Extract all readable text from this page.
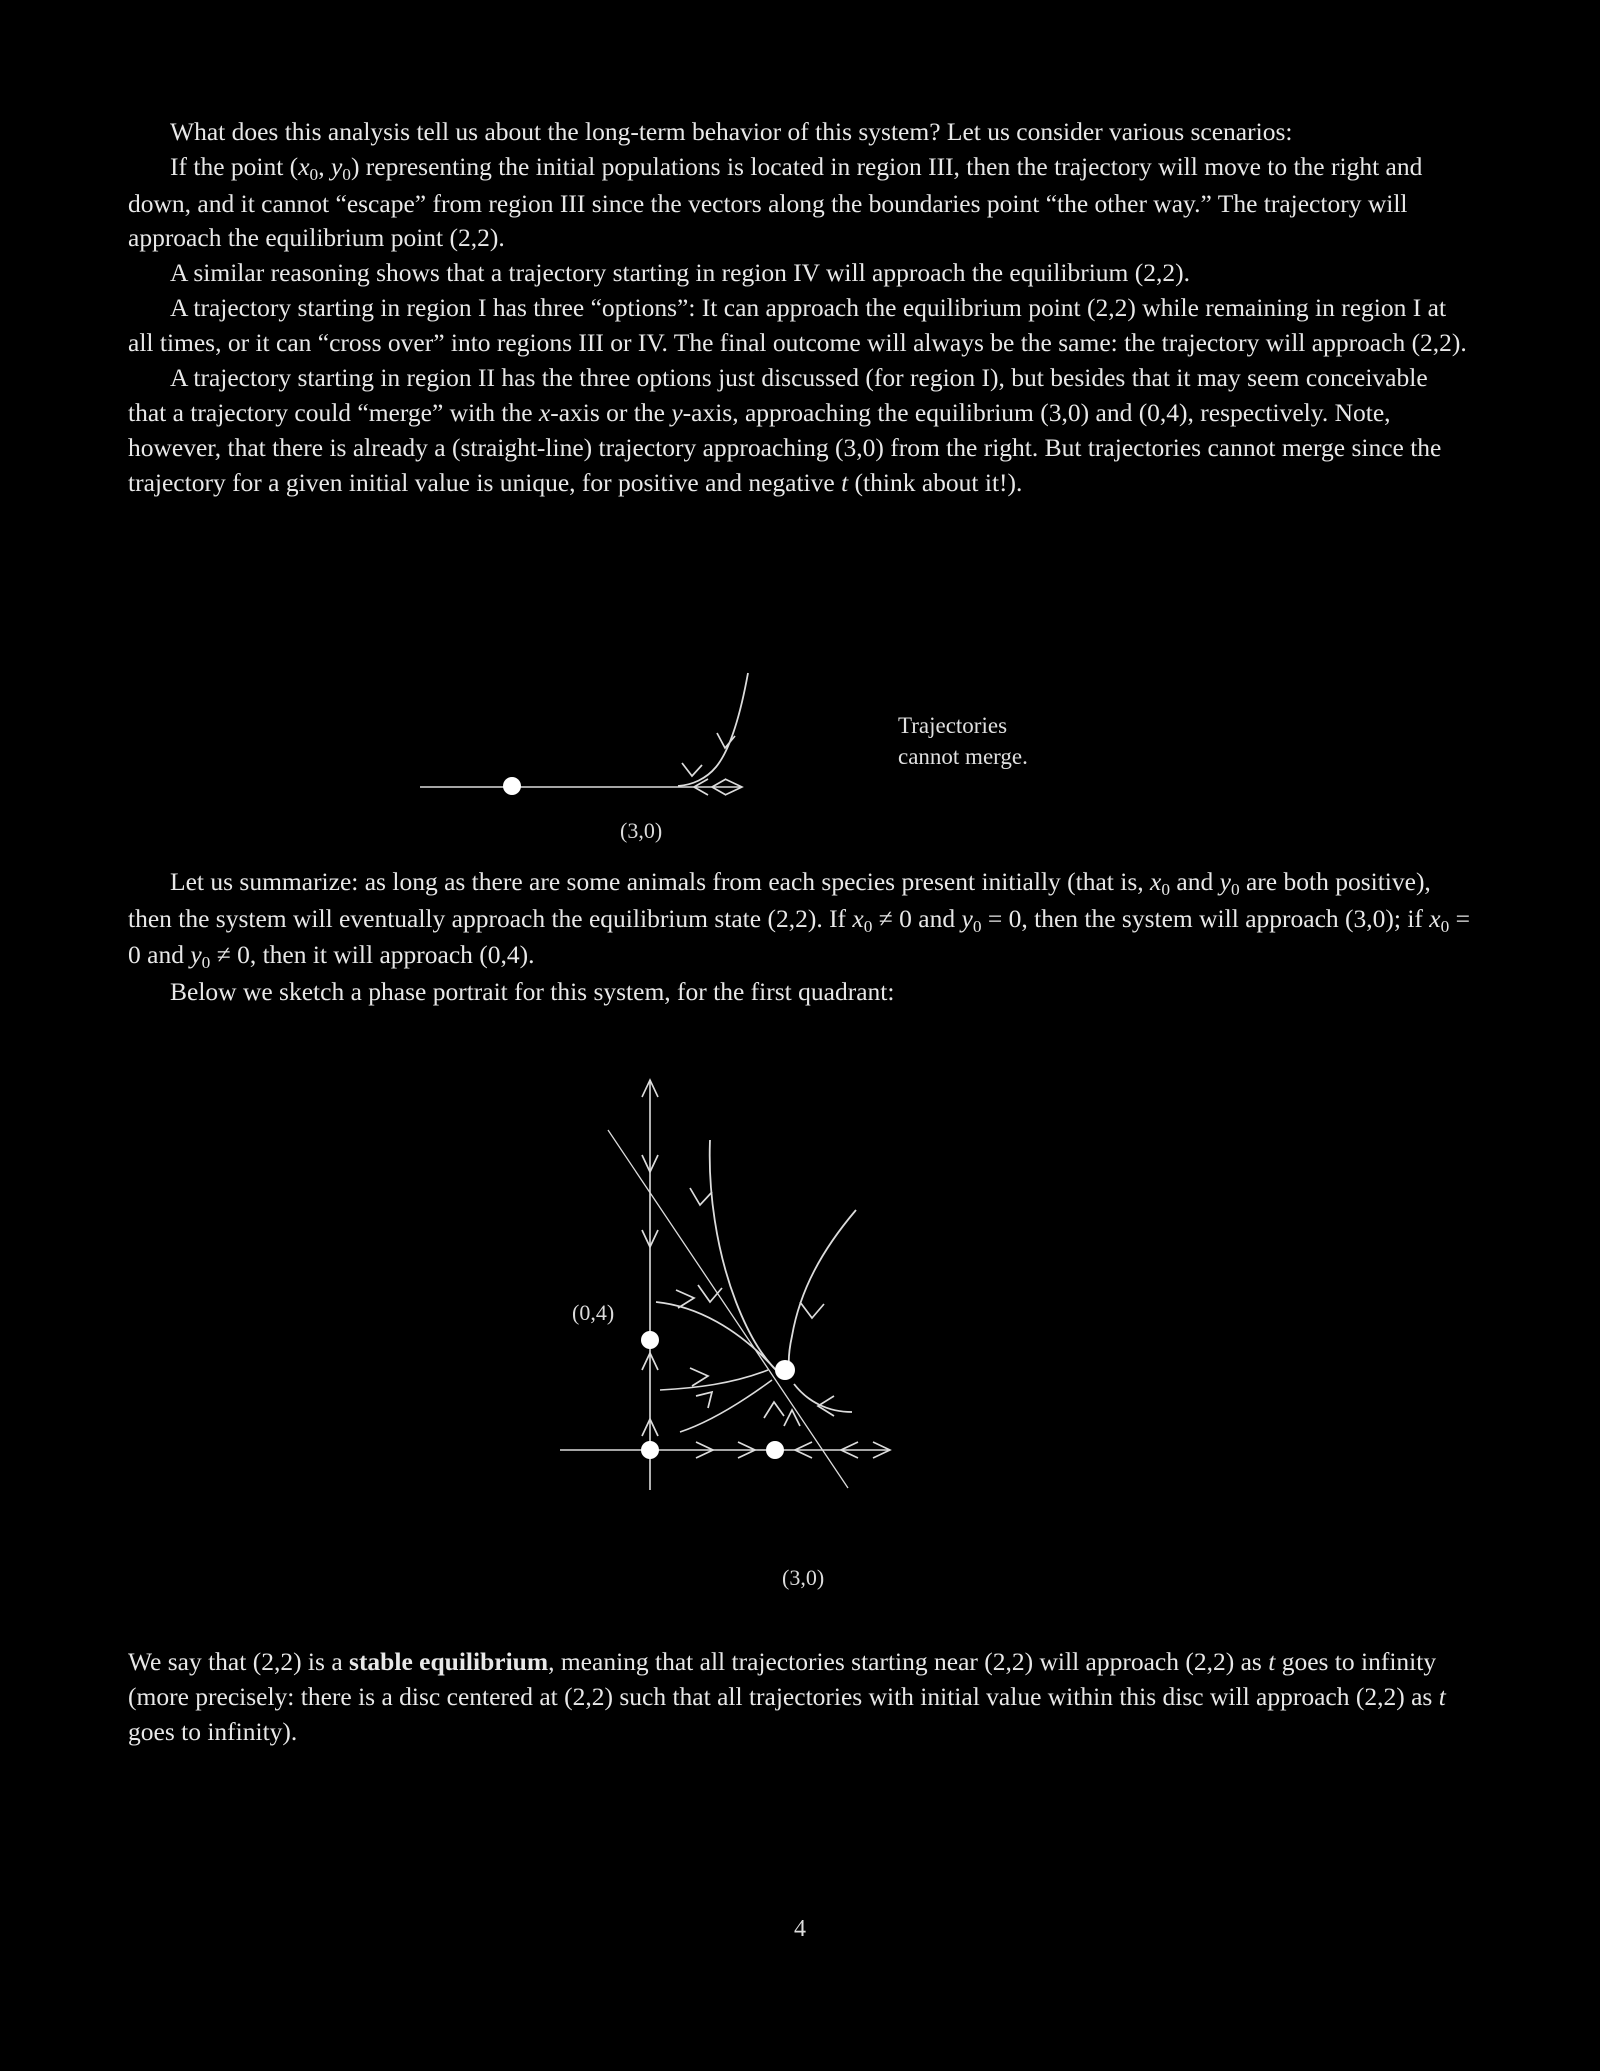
What does this analysis tell us about the long-term behavior of this system? Let us consider various scenarios:

If the point ($x_0$, $y_0$) representing the initial populations is located in region III, then the trajectory will move to the right and down, and it cannot “escape” from region III since the vectors along the boundaries point “the other way.” The trajectory will approach the equilibrium point (2,2).

A similar reasoning shows that a trajectory starting in region IV will approach the equilibrium (2,2).

A trajectory starting in region I has three “options”: It can approach the equilibrium point (2,2) while remaining in region I at all times, or it can “cross over” into regions III or IV. The final outcome will always be the same: the trajectory will approach (2,2).

A trajectory starting in region II has the three options just discussed (for region I), but besides that it may seem conceivable that a trajectory could “merge” with the x-axis or the y-axis, approaching the equilibrium (3,0) and (0,4), respectively. Note, however, that there is already a (straight-line) trajectory approaching (3,0) from the right. But trajectories cannot merge since the trajectory for a given initial value is unique, for positive and negative t (think about it!).

Trajectories
cannot merge.
(3,0)

Let us summarize: as long as there are some animals from each species present initially (that is, $x_0$ and $y_0$ are both positive), then the system will eventually approach the equilibrium state (2,2). If $x_0 \ne 0$ and $y_0 = 0$, then the system will approach (3,0); if $x_0 = 0$ and $y_0 \ne 0$, then it will approach (0,4).

Below we sketch a phase portrait for this system, for the first quadrant:

(0,4)
(3,0)

We say that (2,2) is a stable equilibrium, meaning that all trajectories starting near (2,2) will approach (2,2) as t goes to infinity (more precisely: there is a disc centered at (2,2) such that all trajectories with initial value within this disc will approach (2,2) as t goes to infinity).

4
